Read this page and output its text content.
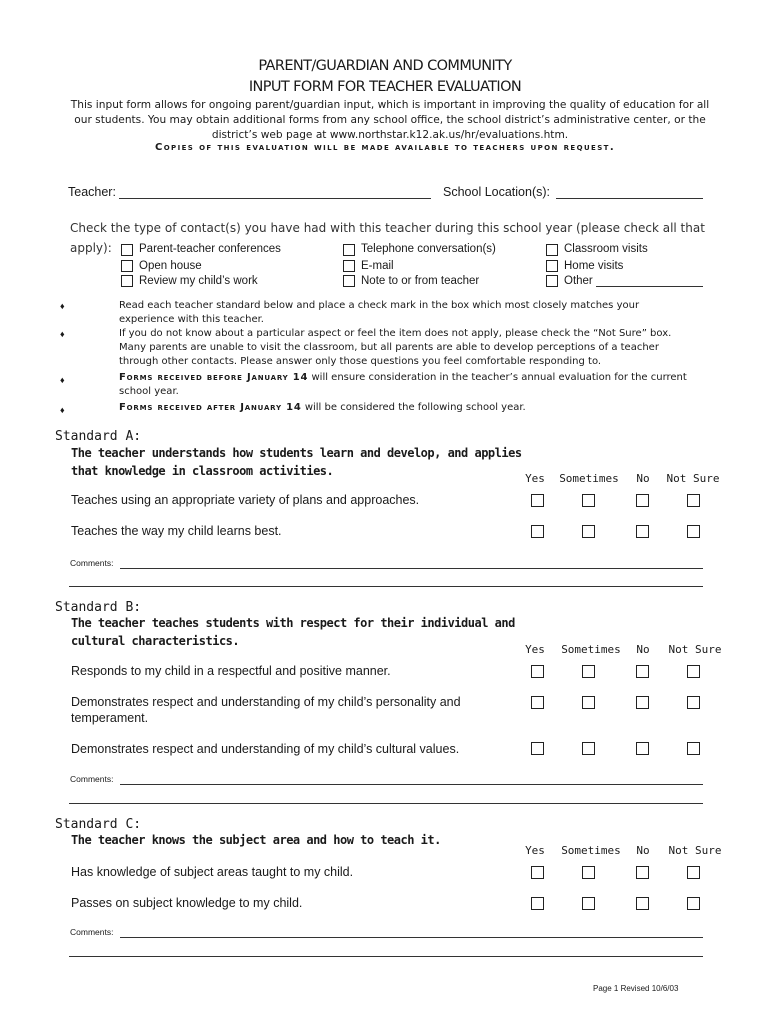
PARENT/GUARDIAN AND COMMUNITY
INPUT FORM FOR TEACHER EVALUATION
This input form allows for ongoing parent/guardian input, which is important in improving the quality of education for all our students. You may obtain additional forms from any school office, the school district’s administrative center, or the district’s web page at www.northstar.k12.ak.us/hr/evaluations.htm.
Copies of this evaluation will be made available to teachers upon request.
Teacher:	School Location(s):
Check the type of contact(s) you have had with this teacher during this school year (please check all that
apply):	Parent-teacher conferences	Telephone conversation(s)	Classroom visits
Open house	E-mail	Home visits
Review my child’s work	Note to or from teacher	Other
♦	Read each teacher standard below and place a check mark in the box which most closely matches your experience with this teacher.
♦	If you do not know about a particular aspect or feel the item does not apply, please check the “Not Sure” box. Many parents are unable to visit the classroom, but all parents are able to develop perceptions of a teacher through other contacts. Please answer only those questions you feel comfortable responding to.
♦	Forms received before January 14 will ensure consideration in the teacher’s annual evaluation for the current school year.
♦	Forms received after January 14 will be considered the following school year.
Standard A:
The teacher understands how students learn and develop, and applies that knowledge in classroom activities.
Yes	Sometimes	No	Not Sure
Teaches using an appropriate variety of plans and approaches.
Teaches the way my child learns best.
Comments:
Standard B:
The teacher teaches students with respect for their individual and cultural characteristics.
Yes	Sometimes	No	Not Sure
Responds to my child in a respectful and positive manner.
Demonstrates respect and understanding of my child’s personality and temperament.
Demonstrates respect and understanding of my child’s cultural values.
Comments:
Standard C:
The teacher knows the subject area and how to teach it.
Yes	Sometimes	No	Not Sure
Has knowledge of subject areas taught to my child.
Passes on subject knowledge to my child.
Comments:
Page 1 Revised 10/6/03
